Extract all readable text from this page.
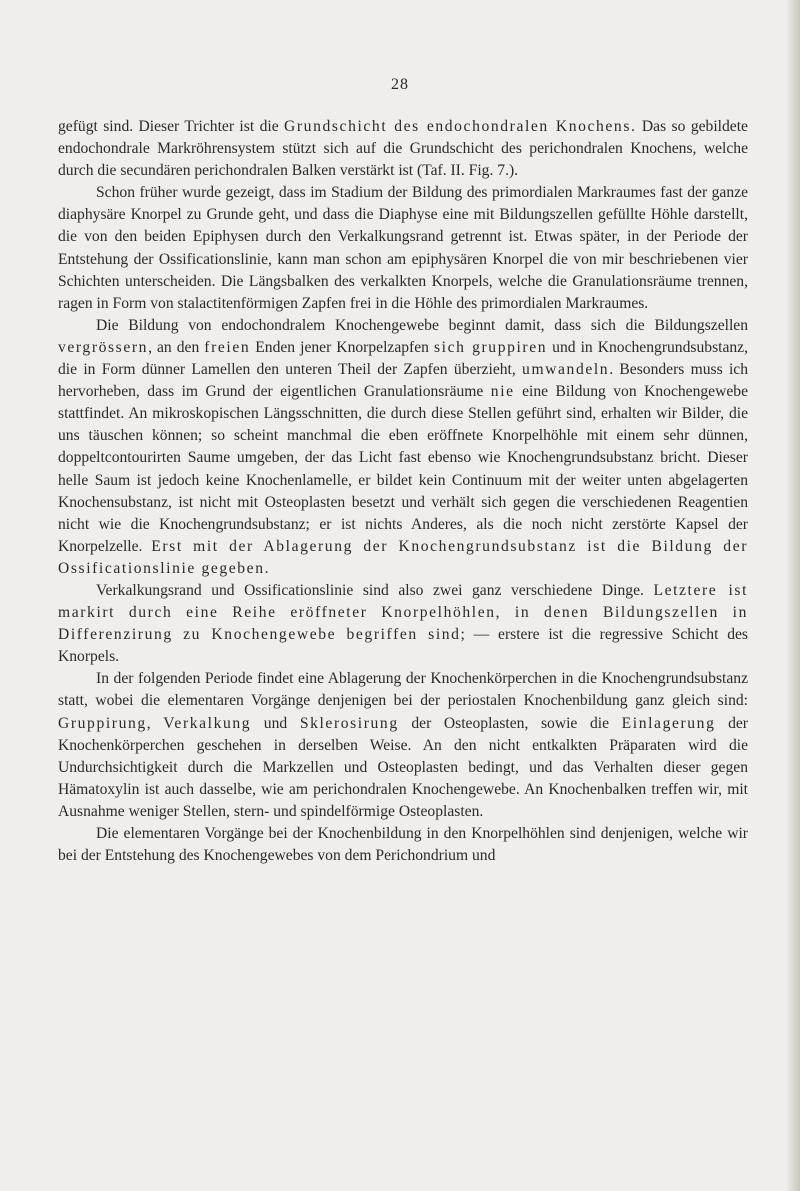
28

gefügt sind. Dieser Trichter ist die Grundschicht des endochondralen Knochens. Das so gebildete endochondrale Markröhrensystem stützt sich auf die Grundschicht des perichondralen Knochens, welche durch die secundären perichondralen Balken verstärkt ist (Taf. II. Fig. 7.).

Schon früher wurde gezeigt, dass im Stadium der Bildung des primordialen Markraumes fast der ganze diaphysäre Knorpel zu Grunde geht, und dass die Diaphyse eine mit Bildungszellen gefüllte Höhle darstellt, die von den beiden Epiphysen durch den Verkalkungsrand getrennt ist. Etwas später, in der Periode der Entstehung der Ossificationslinie, kann man schon am epiphysären Knorpel die von mir beschriebenen vier Schichten unterscheiden. Die Längsbalken des verkalkten Knorpels, welche die Granulationsräume trennen, ragen in Form von stalactitenförmigen Zapfen frei in die Höhle des primordialen Markraumes.

Die Bildung von endochondralem Knochengewebe beginnt damit, dass sich die Bildungszellen vergrössern, an den freien Enden jener Knorpelzapfen sich gruppiren und in Knochengrundsubstanz, die in Form dünner Lamellen den unteren Theil der Zapfen überzieht, umwandeln. Besonders muss ich hervorheben, dass im Grund der eigentlichen Granulationsräume nie eine Bildung von Knochengewebe stattfindet. An mikroskopischen Längsschnitten, die durch diese Stellen geführt sind, erhalten wir Bilder, die uns täuschen können; so scheint manchmal die eben eröffnete Knorpelhöhle mit einem sehr dünnen, doppeltcontourirten Saume umgeben, der das Licht fast ebenso wie Knochengrundsubstanz bricht. Dieser helle Saum ist jedoch keine Knochenlamelle, er bildet kein Continuum mit der weiter unten abgelagerten Knochensubstanz, ist nicht mit Osteoplasten besetzt und verhält sich gegen die verschiedenen Reagentien nicht wie die Knochengrundsubstanz; er ist nichts Anderes, als die noch nicht zerstörte Kapsel der Knorpelzelle. Erst mit der Ablagerung der Knochengrundsubstanz ist die Bildung der Ossificationslinie gegeben.

Verkalkungsrand und Ossificationslinie sind also zwei ganz verschiedene Dinge. Letztere ist markirt durch eine Reihe eröffneter Knorpelhöhlen, in denen Bildungszellen in Differenzirung zu Knochengewebe begriffen sind; — erstere ist die regressive Schicht des Knorpels.

In der folgenden Periode findet eine Ablagerung der Knochenkörperchen in die Knochengrundsubstanz statt, wobei die elementaren Vorgänge denjenigen bei der periostalen Knochenbildung ganz gleich sind: Gruppirung, Verkalkung und Sklerosirung der Osteoplasten, sowie die Einlagerung der Knochenkörperchen geschehen in derselben Weise. An den nicht entkalkten Präparaten wird die Undurchsichtigkeit durch die Markzellen und Osteoplasten bedingt, und das Verhalten dieser gegen Hämatoxylin ist auch dasselbe, wie am perichondralen Knochengewebe. An Knochenbalken treffen wir, mit Ausnahme weniger Stellen, stern- und spindelförmige Osteoplasten.

Die elementaren Vorgänge bei der Knochenbildung in den Knorpelhöhlen sind denjenigen, welche wir bei der Entstehung des Knochengewebes von dem Perichondrium und
